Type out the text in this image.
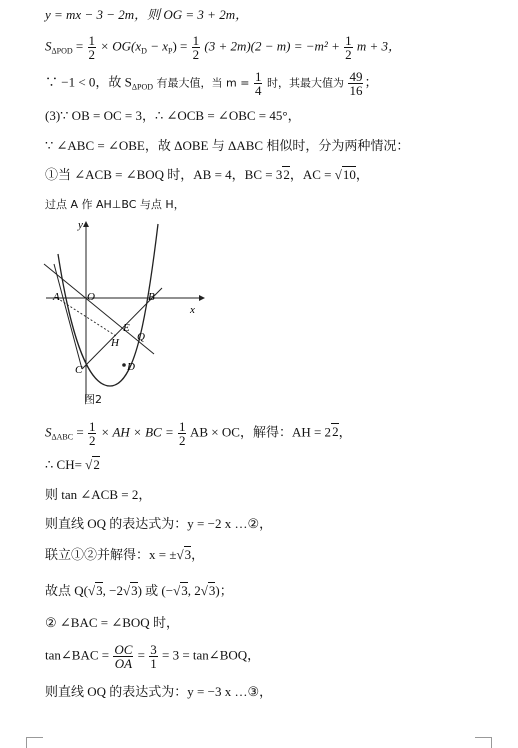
y = mx − 3 − 2m，则 OG = 3 + 2m，
$S_{\Delta POD} = \frac{1}{2} \times OG(x_D - x_P) = \frac{1}{2} (3 + 2m)(2 - m) = -m^2 + \frac{1}{2}$ m + 3，
∵ −1 < 0，故 $S_{\Delta POD}$ 有最大值，当 $m = \frac{1}{4}$ 时，其最大值为 $\frac{49}{16}$ ；
(3)∵ OB = OC = 3，∴ ∠OCB = ∠OBC = 45°，
∵ ∠ABC = ∠OBE，故 ΔOBE 与 ΔABC 相似时，分为两种情况：
①当 ∠ACB = ∠BOQ 时，AB = 4，BC = 32，AC = √10，
过点 A 作 AH⊥BC 与点 H，
y
x
A O	B
E
H Q
C	D
图2
$S_{\Delta ABC} = \frac{1}{2}$ × AH × BC = $\frac{1}{2}$ AB × OC，解得：AH = 22，
∴ CH= √2
则 tan ∠ACB = 2，
则直线 OQ 的表达式为：y = −2 x …②，
联立①②并解得：x = ±√3，
故点 Q(√3, −2√3) 或 (−√3, 2√3)；
② ∠BAC = ∠BOQ 时，
tan∠BAC = $\frac{OC}{OA} = \frac{3}{1} = 3$ = tan∠BOQ，
则直线 OQ 的表达式为：y = −3 x …③，
